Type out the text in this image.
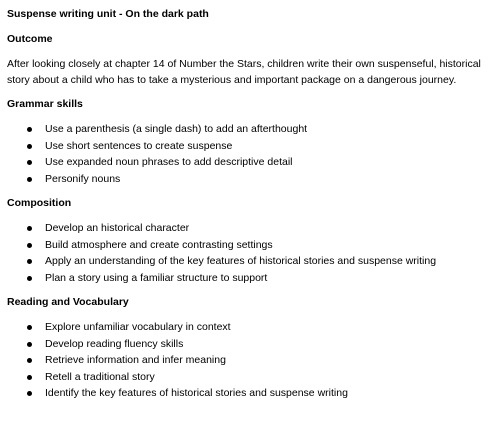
Suspense writing unit - On the dark path
Outcome

After looking closely at chapter 14 of Number the Stars, children write their own suspenseful, historical story about a child who has to take a mysterious and important package on a dangerous journey.

Grammar skills
Use a parenthesis (a single dash) to add an afterthought
Use short sentences to create suspense
Use expanded noun phrases to add descriptive detail
Personify nouns
Composition
Develop an historical character
Build atmosphere and create contrasting settings
Apply an understanding of the key features of historical stories and suspense writing
Plan a story using a familiar structure to support
Reading and Vocabulary
Explore unfamiliar vocabulary in context
Develop reading fluency skills
Retrieve information and infer meaning
Retell a traditional story
Identify the key features of historical stories and suspense writing
